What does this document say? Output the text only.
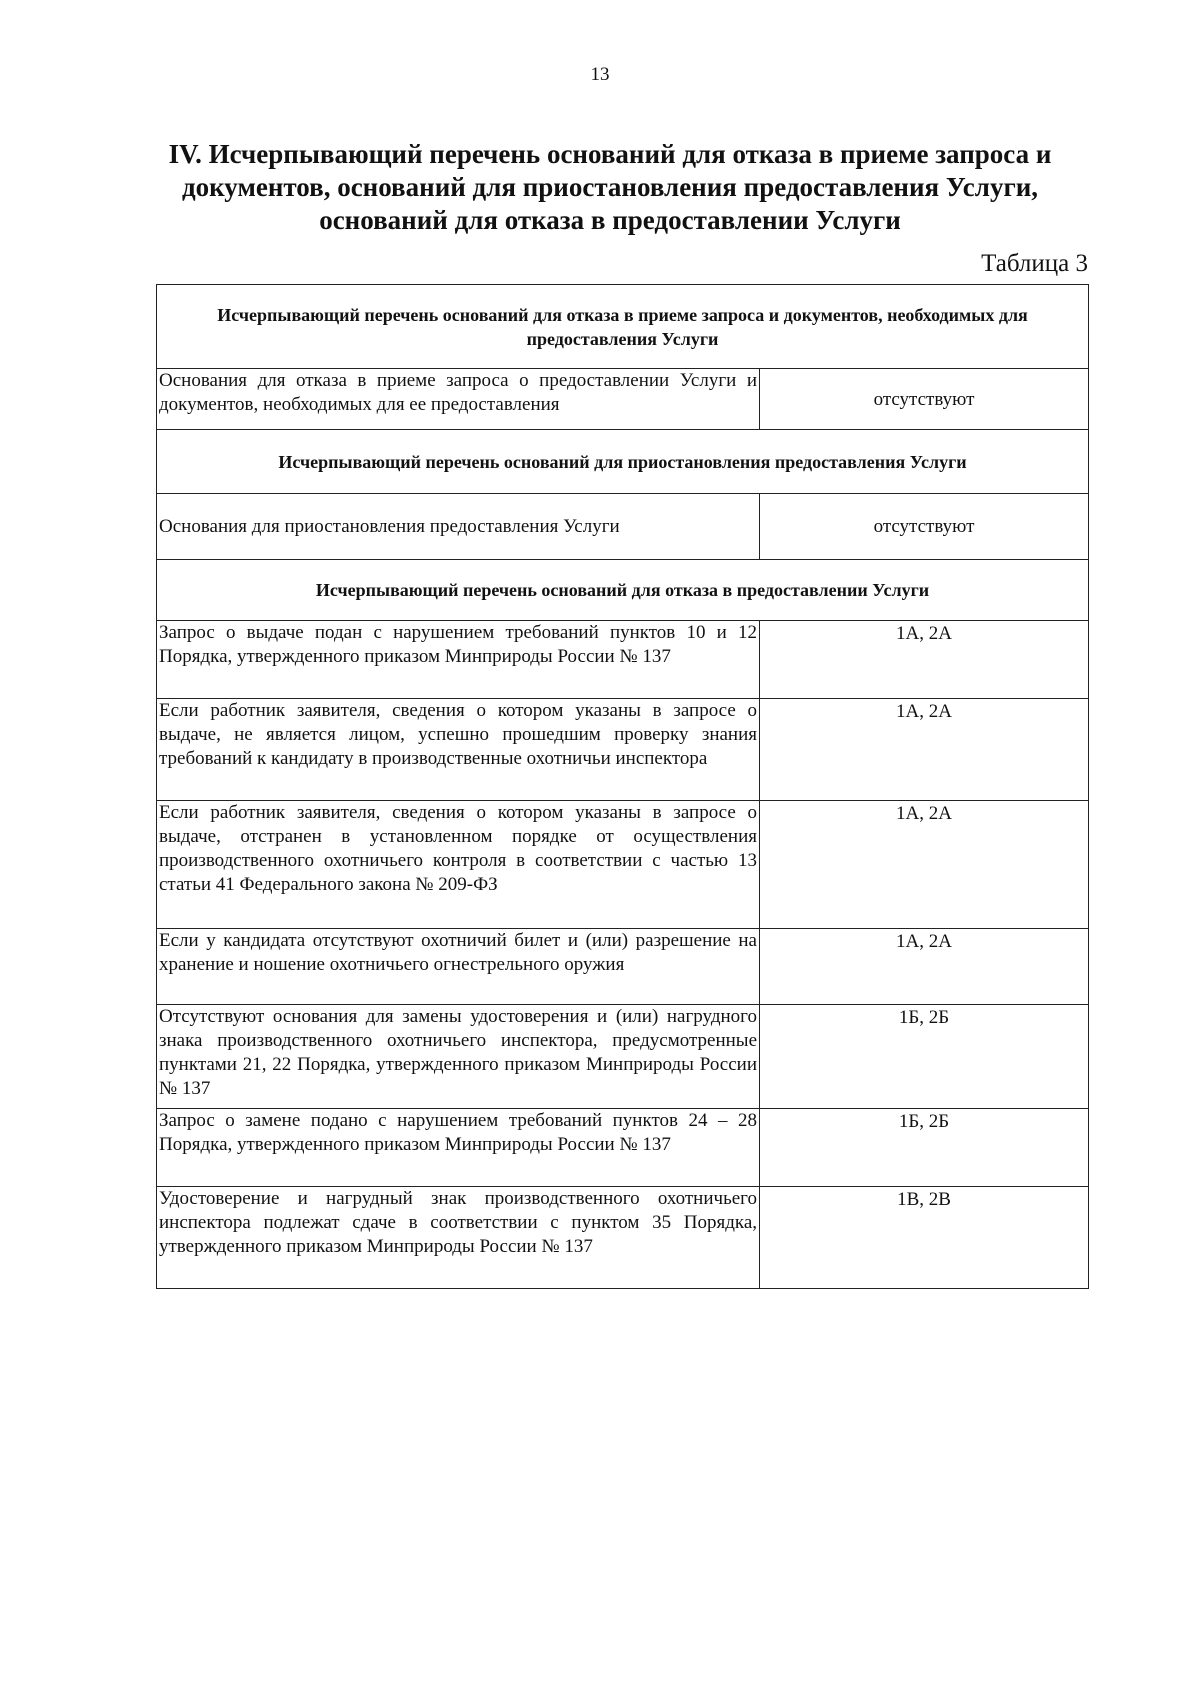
13
IV. Исчерпывающий перечень оснований для отказа в приеме запроса и документов, оснований для приостановления предоставления Услуги, оснований для отказа в предоставлении Услуги
Таблица 3
Исчерпывающий перечень оснований для отказа в приеме запроса и документов, необходимых для предоставления Услуги	
Основания для отказа в приеме запроса о предоставлении Услуги и документов, необходимых для ее предоставления	отсутствуют
Исчерпывающий перечень оснований для приостановления предоставления Услуги	
Основания для приостановления предоставления Услуги	отсутствуют
Исчерпывающий перечень оснований для отказа в предоставлении Услуги	
Запрос о выдаче подан с нарушением требований пунктов 10 и 12 Порядка, утвержденного приказом Минприроды России № 137	1А, 2А
Если работник заявителя, сведения о котором указаны в запросе о выдаче, не является лицом, успешно прошедшим проверку знания требований к кандидату в производственные охотничьи инспектора	1А, 2А
Если работник заявителя, сведения о котором указаны в запросе о выдаче, отстранен в установленном порядке от осуществления производственного охотничьего контроля в соответствии с частью 13 статьи 41 Федерального закона № 209-ФЗ	1А, 2А
Если у кандидата отсутствуют охотничий билет и (или) разрешение на хранение и ношение охотничьего огнестрельного оружия	1А, 2А
Отсутствуют основания для замены удостоверения и (или) нагрудного знака производственного охотничьего инспектора, предусмотренные пунктами 21, 22 Порядка, утвержденного приказом Минприроды России № 137	1Б, 2Б
Запрос о замене подано с нарушением требований пунктов 24 – 28 Порядка, утвержденного приказом Минприроды России № 137	1Б, 2Б
Удостоверение и нагрудный знак производственного охотничьего инспектора подлежат сдаче в соответствии с пунктом 35 Порядка, утвержденного приказом Минприроды России № 137	1В, 2В
